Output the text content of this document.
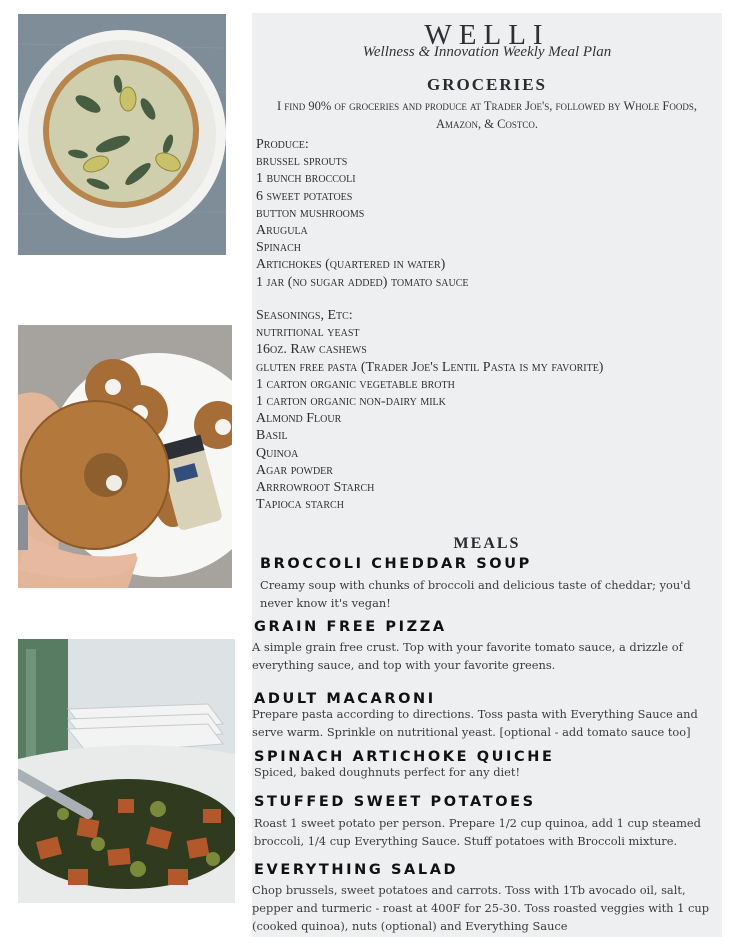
WELLI
Wellness & Innovation Weekly Meal Plan
GROCERIES
I find 90% of groceries and produce at Trader Joe's, followed by Whole Foods, Amazon, & Costco.
Produce:
brussel sprouts
1 bunch broccoli
6 sweet potatoes
button mushrooms
Arugula
Spinach
Artichokes (quartered in water)
1 jar (no sugar added) tomato sauce
Seasonings, Etc:
nutritional yeast
16oz. Raw cashews
gluten free pasta (Trader Joe's Lentil Pasta is my favorite)
1 carton organic vegetable broth
1 carton organic non-dairy milk
Almond Flour
Basil
Quinoa
Agar powder
Arrrowroot Starch
Tapioca starch
MEALS
BROCCOLI CHEDDAR SOUP
Creamy soup with chunks of broccoli and delicious taste of cheddar; you'd never know it's vegan!
GRAIN FREE PIZZA
A simple grain free crust. Top with your favorite tomato sauce, a drizzle of everything sauce, and top with your favorite greens.
ADULT MACARONI
Prepare pasta according to directions. Toss pasta with Everything Sauce and serve warm. Sprinkle on nutritional yeast. [optional - add tomato sauce too]
SPINACH ARTICHOKE QUICHE
Spiced, baked doughnuts perfect for any diet!
STUFFED SWEET POTATOES
Roast 1 sweet potato per person. Prepare 1/2 cup quinoa, add 1 cup steamed broccoli, 1/4 cup Everything Sauce. Stuff potatoes with Broccoli mixture.
EVERYTHING SALAD
Chop brussels, sweet potatoes and carrots. Toss with 1Tb avocado oil, salt, pepper and turmeric - roast at 400F for 25-30. Toss roasted veggies with 1 cup (cooked quinoa), nuts (optional) and Everything Sauce
